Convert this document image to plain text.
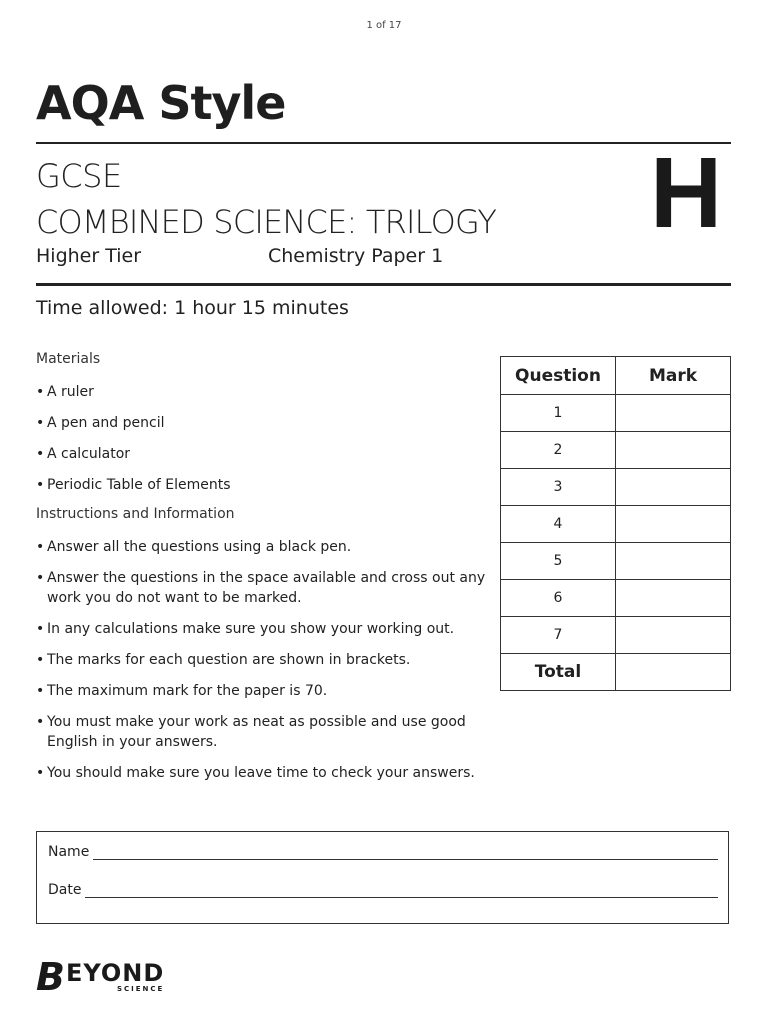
1 of 17
AQA Style
GCSE
COMBINED SCIENCE: TRILOGY
Higher Tier	Chemistry Paper 1
H
Time allowed: 1 hour 15 minutes
Materials
• A ruler
• A pen and pencil
• A calculator
• Periodic Table of Elements
Instructions and Information
• Answer all the questions using a black pen.
• Answer the questions in the space available and cross out any work you do not want to be marked.
• In any calculations make sure you show your working out.
• The marks for each question are shown in brackets.
• The maximum mark for the paper is 70.
• You must make your work as neat as possible and use good English in your answers.
• You should make sure you leave time to check your answers.
Question	Mark
1	
2	
3	
4	
5	
6	
7	
Total	
Name
Date
B EYOND
SCIENCE
